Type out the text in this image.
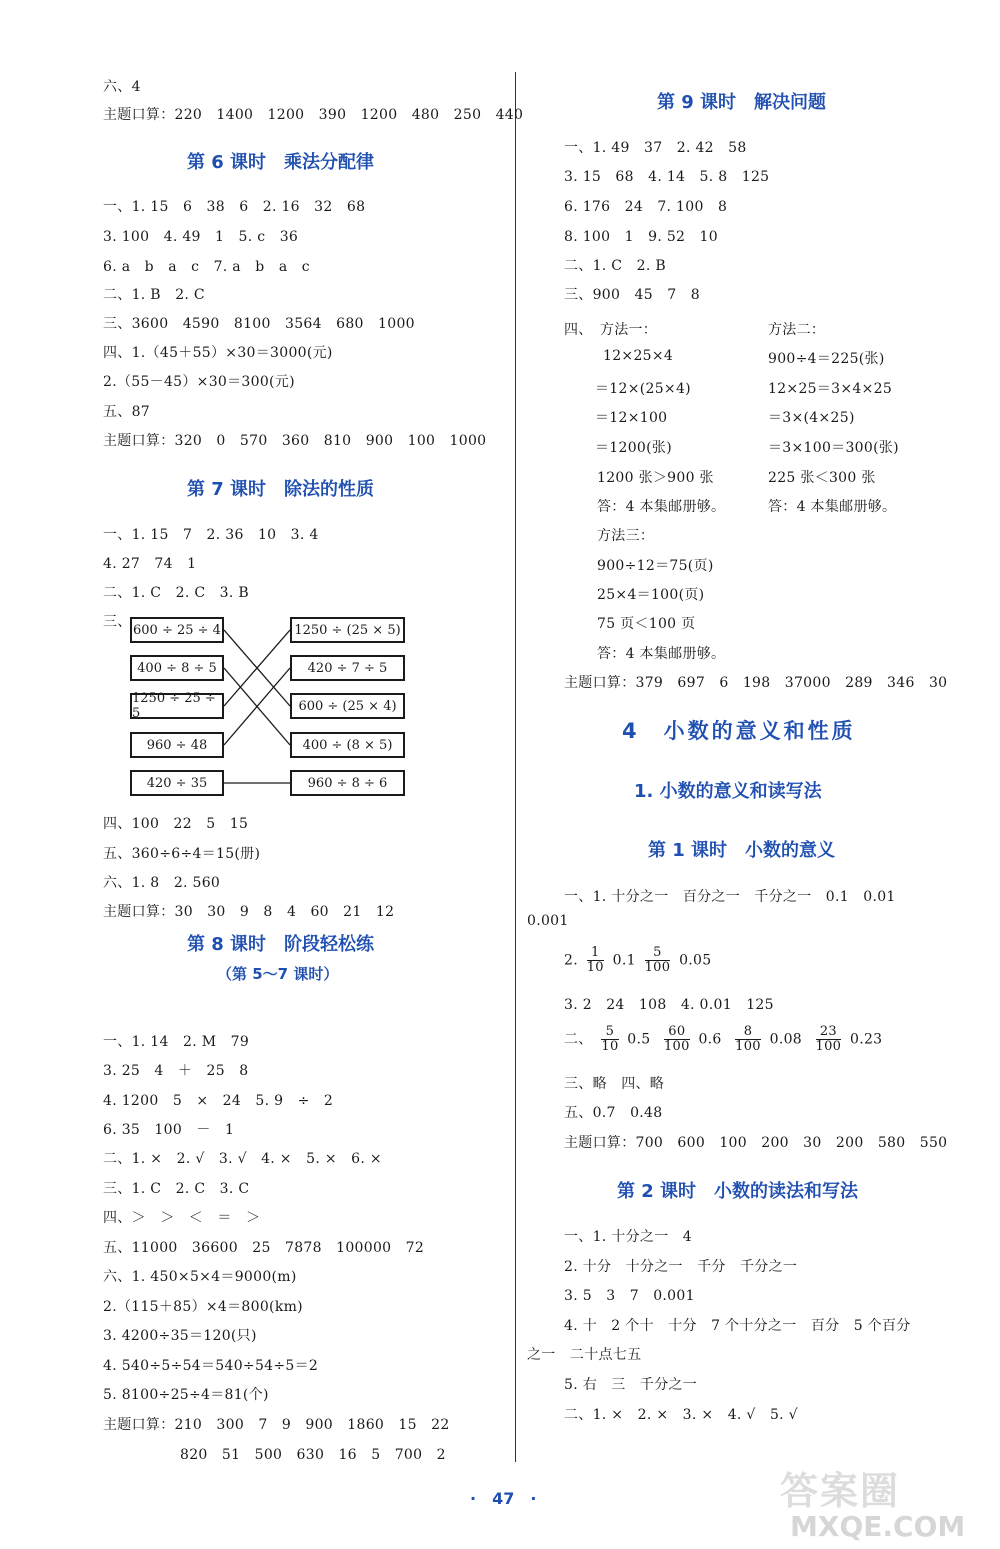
六、4
主题口算：220　1400　1200　390　1200　480　250　440
第 6 课时　乘法分配律
一、1. 15　6　38　6　2. 16　32　68
3. 100　4. 49　1　5. c　36
6. a　b　a　c　7. a　b　a　c
二、1. B　2. C
三、3600　4590　8100　3564　680　1000
四、1.（45＋55）×30＝3000(元)
2.（55－45）×30＝300(元)
五、87
主题口算：320　0　570　360　810　900　100　1000
第 7 课时　除法的性质
一、1. 15　7　2. 36　10　3. 4
4. 27　74　1
二、1. C　2. C　3. B
三、 600 ÷ 25 ÷ 4
400 ÷ 8 ÷ 5
1250 ÷ 25 ÷ 5
960 ÷ 48
420 ÷ 35
1250 ÷ (25 × 5)
420 ÷ 7 ÷ 5
600 ÷ (25 × 4)
400 ÷ (8 × 5)
960 ÷ 8 ÷ 6
四、100　22　5　15
五、360÷6÷4＝15(册)
六、1. 8　2. 560
主题口算：30　30　9　8　4　60　21　12
第 8 课时　阶段轻松练
（第 5～7 课时）
一、1. 14　2. M　79
3. 25　4　＋　25　8
4. 1200　5　×　24　5. 9　÷　2
6. 35　100　－　1
二、1. ×　2. √　3. √　4. ×　5. ×　6. ×
三、1. C　2. C　3. C
四、＞　＞　＜　＝　＞
五、11000　36600　25　7878　100000　72
六、1. 450×5×4＝9000(m)
2.（115＋85）×4＝800(km)
3. 4200÷35＝120(只)
4. 540÷5÷54＝540÷54÷5＝2
5. 8100÷25÷4＝81(个)
主题口算：210　300　7　9　900　1860　15　22
820　51　500　630　16　5　700　2
第 9 课时　解决问题
一、1. 49　37　2. 42　58
3. 15　68　4. 14　5. 8　125
6. 176　24　7. 100　8
8. 100　1　9. 52　10
二、1. C　2. B
三、900　45　7　8
四、　方法一：
12×25×4
＝12×(25×4)
＝12×100
＝1200(张)
1200 张＞900 张
答：4 本集邮册够。
方法二：
900÷4＝225(张)
12×25＝3×4×25
＝3×(4×25)
＝3×100＝300(张)
225 张＜300 张
答：4 本集邮册够。
方法三：
900÷12＝75(页)
25×4＝100(页)
75 页＜100 页
答：4 本集邮册够。
主题口算：379　697　6　198　37000　289　346　30
4　小数的意义和性质
1. 小数的意义和读写法
第 1 课时　小数的意义
一、1. 十分之一　百分之一　千分之一　0.1　0.01
0.001
2. $\frac{1}{10} 0.1 \frac{5}{100} 0.05$
3. 2　24　108　4. 0.01　125
二、 $\frac{5}{10} 0.5 \frac{60}{100} 0.6 \frac{8}{100} 0.08 \frac{23}{100} 0.23$
三、略　四、略
五、0.7　0.48
主题口算：700　600　100　200　30　200　580　550
第 2 课时　小数的读法和写法
一、1. 十分之一　4
2. 十分　十分之一　千分　千分之一
3. 5　3　7　0.001
4. 十　2 个十　十分　7 个十分之一　百分　5 个百分
之一　二十点七五
5. 右　三　千分之一
二、1. ×　2. ×　3. ×　4. √　5. √
·　47　·	答案圈
MXQE.COM
